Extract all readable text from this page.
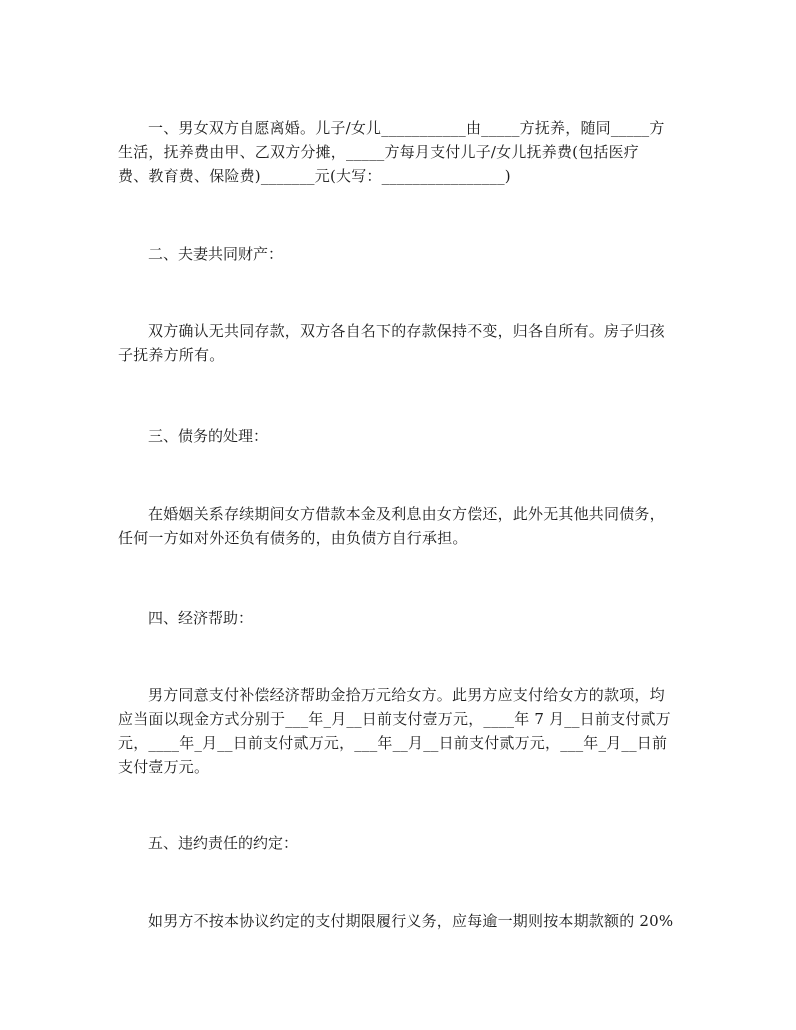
一、男女双方自愿离婚。儿子/女儿___________由_____方抚养，随同_____方
生活，抚养费由甲、乙双方分摊，_____方每月支付儿子/女儿抚养费(包括医疗
费、教育费、保险费)_______元(大写：________________)
二、夫妻共同财产：
双方确认无共同存款，双方各自名下的存款保持不变，归各自所有。房子归孩
子抚养方所有。
三、债务的处理：
在婚姻关系存续期间女方借款本金及利息由女方偿还，此外无其他共同债务，
任何一方如对外还负有债务的，由负债方自行承担。
四、经济帮助：
男方同意支付补偿经济帮助金拾万元给女方。此男方应支付给女方的款项，均
应当面以现金方式分别于___年_月__日前支付壹万元，____年 7 月__日前支付贰万
元，____年_月__日前支付贰万元，___年__月__日前支付贰万元，___年_月__日前
支付壹万元。
五、违约责任的约定：
如男方不按本协议约定的支付期限履行义务，应每逾一期则按本期款额的 20%
